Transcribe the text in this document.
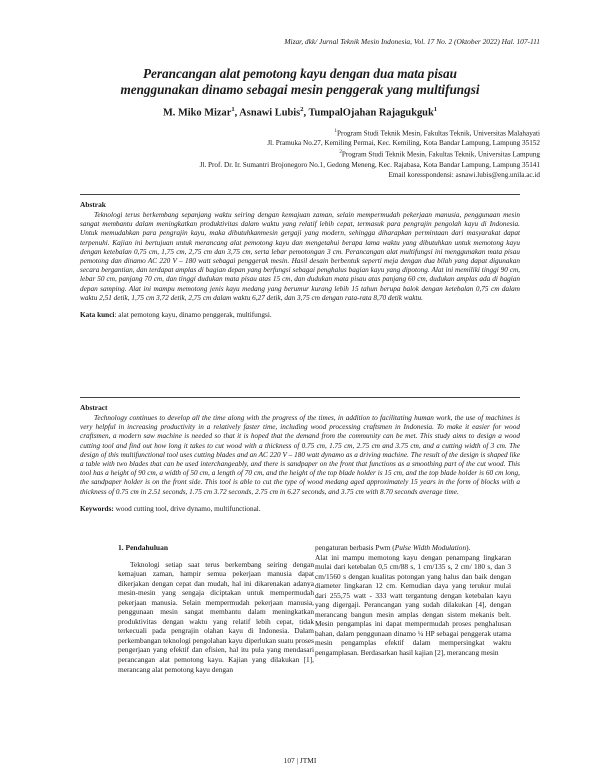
Mizar, dkk/ Jurnal Teknik Mesin Indonesia, Vol. 17 No. 2 (Oktober 2022) Hal. 107-111
Perancangan alat pemotong kayu dengan dua mata pisau
menggunakan dinamo sebagai mesin penggerak yang multifungsi
M. Miko Mizar$^1$, Asnawi Lubis$^2$, TumpalOjahan Rajagukguk$^1$
$^1$Program Studi Teknik Mesin, Fakultas Teknik, Universitas Malahayati
Jl. Pramuka No.27, Kemiling Permai, Kec. Kemiling, Kota Bandar Lampung, Lampung 35152
$^2$Program Studi Teknik Mesin, Fakultas Teknik, Universitas Lampung
Jl. Prof. Dr. Ir. Sumantri Brojonegoro No.1, Gedong Meneng, Kec. Rajabasa, Kota Bandar Lampung, Lampung 35141
Email koresspondensi: asnawi.lubis@eng.unila.ac.id
Abstrak
Teknologi terus berkembang sepanjang waktu seiring dengan kemajuan zaman, selain mempermudah pekerjaan manusia, penggunaan mesin sangat membantu dalam meningkatkan produktivitas dalam waktu yang relatif lebih cepat, termasuk para pengrajin pengolah kayu di Indonesia. Untuk memudahkan para pengrajin kayu, maka dibutuhkanmesin gergaji yang modern, sehingga diharapkan permintaan dari masyarakat dapat terpenuhi. Kajian ini bertujuan untuk merancang alat pemotong kayu dan mengetahui berapa lama waktu yang dibutuhkan untuk memotong kayu dengan ketebalan 0,75 cm, 1,75 cm, 2,75 cm dan 3,75 cm, serta lebar pemotongan 3 cm. Perancangan alat multifungsi ini menggunakan mata pisau pemotong dan dinamo AC 220 V – 180 watt sebagai penggerak mesin. Hasil desain berbentuk seperti meja dengan dua bilah yang dapat digunakan secara bergantian, dan terdapat amplas di bagian depan yang berfungsi sebagai penghalus bagian kayu yang dipotong. Alat ini memiliki tinggi 90 cm, lebar 50 cm, panjang 70 cm, dan tinggi dudukan mata pisau atas 15 cm, dan dudukan mata pisau atas panjang 60 cm, dudukan amplas ada di bagian depan samping. Alat ini mampu memotong jenis kayu medang yang berumur kurang lebih 15 tahun berupa balok dengan ketebalan 0,75 cm dalam waktu 2,51 detik, 1,75 cm 3,72 detik, 2,75 cm dalam waktu 6,27 detik, dan 3,75 cm dengan rata-rata 8,70 detik waktu.
Kata kunci: alat pemotong kayu, dinamo penggerak, multifungsi.
Abstract
Technology continues to develop all the time along with the progress of the times, in addition to facilitating human work, the use of machines is very helpful in increasing productivity in a relatively faster time, including wood processing craftsmen in Indonesia. To make it easier for wood craftsmen, a modern saw machine is needed so that it is hoped that the demand from the community can be met. This study aims to design a wood cutting tool and find out how long it takes to cut wood with a thickness of 0.75 cm, 1.75 cm, 2.75 cm and 3.75 cm, and a cutting width of 3 cm. The design of this multifunctional tool uses cutting blades and an AC 220 V – 180 watt dynamo as a driving machine. The result of the design is shaped like a table with two blades that can be used interchangeably, and there is sandpaper on the front that functions as a smoothing part of the cut wood. This tool has a height of 90 cm, a width of 50 cm, a length of 70 cm, and the height of the top blade holder is 15 cm, and the top blade holder is 60 cm long, the sandpaper holder is on the front side. This tool is able to cut the type of wood medang aged approximately 15 years in the form of blocks with a thickness of 0.75 cm in 2.51 seconds, 1.75 cm 3.72 seconds, 2.75 cm in 6.27 seconds, and 3.75 cm with 8.70 seconds average time.
Keywords: wood cutting tool, drive dynamo, multifunctional.
1. Pendahuluan

Teknologi setiap saat terus berkembang seiring dengan kemajuan zaman, hampir semua pekerjaan manusia dapat dikerjakan dengan cepat dan mudah, hal ini dikarenakan adanya mesin-mesin yang sengaja diciptakan untuk mempermudah pekerjaan manusia. Selain mempermudah pekerjaan manusia, penggunaan mesin sangat membantu dalam meningkatkan produktivitas dengan waktu yang relatif lebih cepat, tidak terkecuali pada pengrajin olahan kayu di Indonesia. Dalam perkembangan teknologi pengolahan kayu diperlukan suatu proses pengerjaan yang efektif dan efisien, hal itu pula yang mendasari perancangan alat pemotong kayu. Kajian yang dilakukan [1], merancang alat pemotong kayu dengan

pengaturan berbasis Pwm (Pulse Width Modulation).

Alat ini mampu memotong kayu dengan penampang lingkaran mulai dari ketebalan 0,5 cm/88 s, 1 cm/135 s, 2 cm/ 180 s, dan 3 cm/1560 s dengan kualitas potongan yang halus dan baik dengan diameter lingkaran 12 cm. Kemudian daya yang terukur mulai dari 255,75 watt - 333 watt tergantung dengan ketebalan kayu yang digergaji. Perancangan yang sudah dilakukan [4], dengan merancang bangun mesin amplas dengan sistem mekanis belt. Mesin pengamplas ini dapat mempermudah proses penghalusan bahan, dalam penggunaan dinamo ¼ HP sebagai penggerak utama mesin pengamplas efektif dalam mempersingkat waktu pengamplasan. Berdasarkan hasil kajian [2], merancang mesin

107 | JTMI
